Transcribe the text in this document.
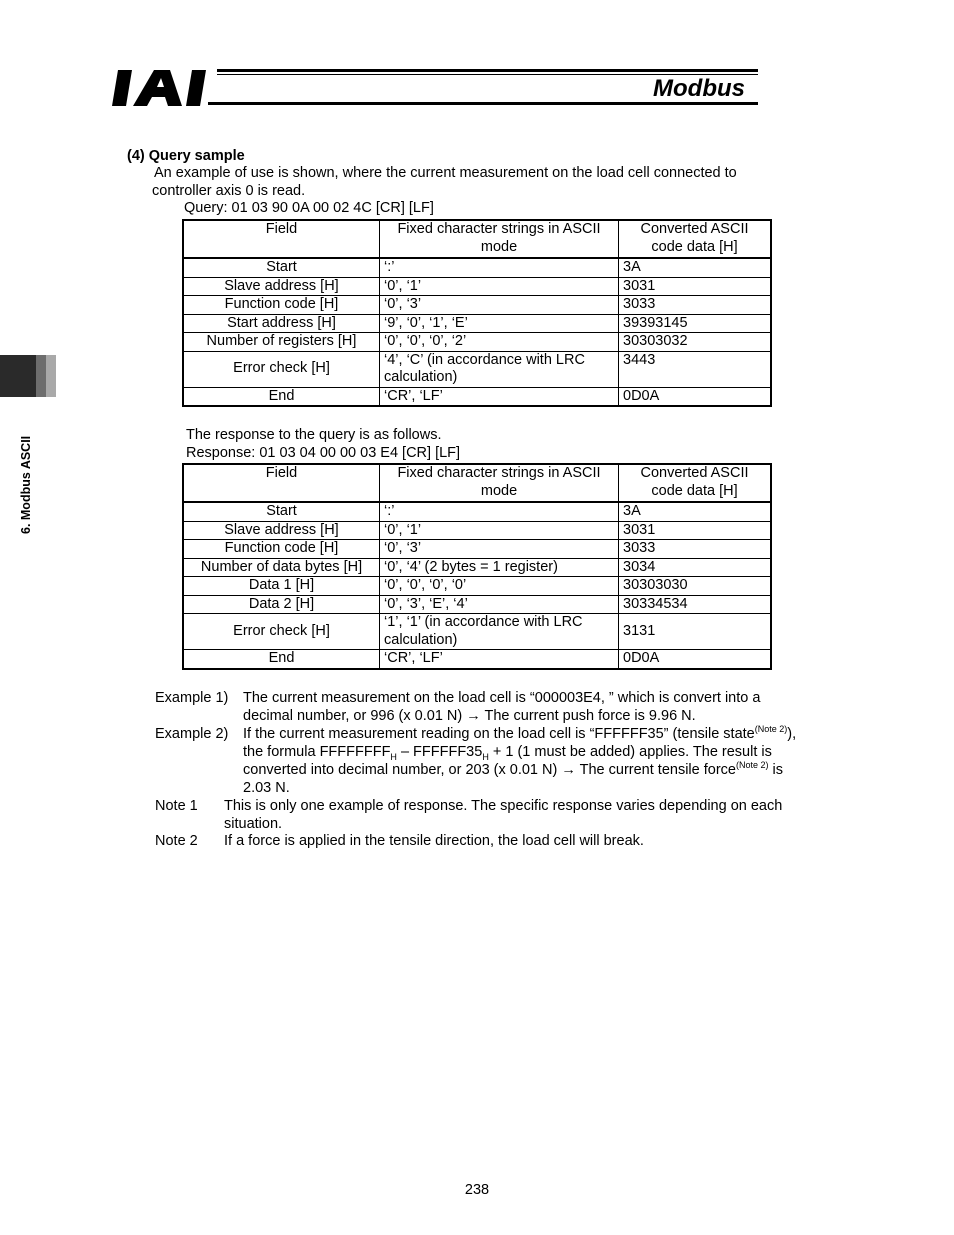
Modbus
6. Modbus ASCII
(4) Query sample
An example of use is shown, where the current measurement on the load cell connected to
controller axis 0 is read.
Query: 01 03 90 0A 00 02 4C [CR] [LF]
Field	Fixed character strings in ASCII mode	Converted ASCII code data [H]
Start	‘:’	3A
Slave address [H]	‘0’, ‘1’	3031
Function code [H]	‘0’, ‘3’	3033
Start address [H]	‘9’, ‘0’, ‘1’, ‘E’	39393145
Number of registers [H]	‘0’, ‘0’, ‘0’, ‘2’	30303032
Error check [H]	‘4’, ‘C’ (in accordance with LRC calculation)	3443
End	‘CR’, ‘LF’	0D0A
The response to the query is as follows.
Response: 01 03 04 00 00 03 E4 [CR] [LF]
Field	Fixed character strings in ASCII mode	Converted ASCII code data [H]
Start	‘:’	3A
Slave address [H]	‘0’, ‘1’	3031
Function code [H]	‘0’, ‘3’	3033
Number of data bytes [H]	‘0’, ‘4’ (2 bytes = 1 register)	3034
Data 1 [H]	‘0’, ‘0’, ‘0’, ‘0’	30303030
Data 2 [H]	‘0’, ‘3’, ‘E’, ‘4’	30334534
Error check [H]	‘1’, ‘1’ (in accordance with LRC calculation)	3131
End	‘CR’, ‘LF’	0D0A
Example 1) The current measurement on the load cell is “000003E4, ” which is convert into a
decimal number, or 996 (x 0.01 N) → The current push force is 9.96 N.
Example 2) If the current measurement reading on the load cell is “FFFFFF35” (tensile state$^{(Note 2)}$),
the formula $FFFFFFFF_H$ – $FFFFFF35_H + 1$ (1 must be added) applies. The result is
converted into decimal number, or 203 (x 0.01 N) → The current tensile force$^{(Note 2)}$ is
2.03 N.
Note 1 This is only one example of response. The specific response varies depending on each
situation.
Note 2 If a force is applied in the tensile direction, the load cell will break.
238
